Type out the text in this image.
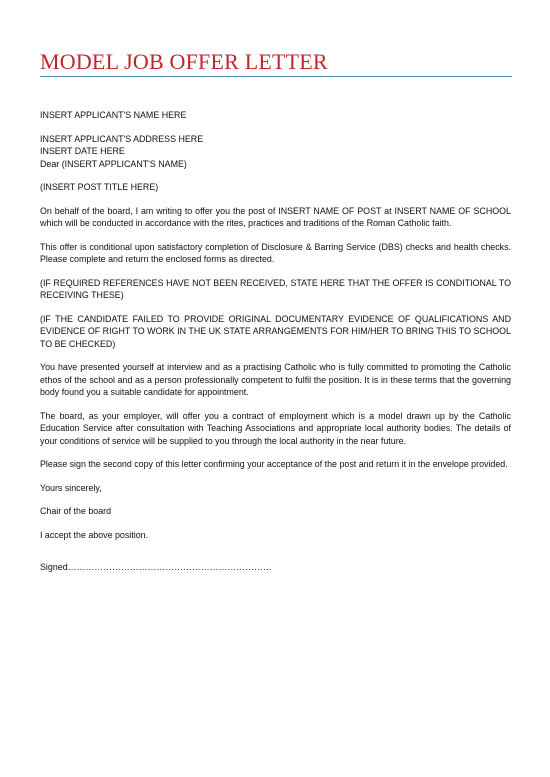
MODEL JOB OFFER LETTER

INSERT APPLICANT'S NAME HERE

INSERT APPLICANT'S ADDRESS HERE

INSERT DATE HERE

Dear (INSERT APPLICANT'S NAME)

(INSERT POST TITLE HERE)

On behalf of the board, I am writing to offer you the post of INSERT NAME OF POST at INSERT NAME OF SCHOOL which will be conducted in accordance with the rites, practices and traditions of the Roman Catholic faith.

This offer is conditional upon satisfactory completion of Disclosure & Barring Service (DBS) checks and health checks. Please complete and return the enclosed forms as directed.

(IF REQUIRED REFERENCES HAVE NOT BEEN RECEIVED, STATE HERE THAT THE OFFER IS CONDITIONAL TO RECEIVING THESE)

(IF THE CANDIDATE FAILED TO PROVIDE ORIGINAL DOCUMENTARY EVIDENCE OF QUALIFICATIONS AND EVIDENCE OF RIGHT TO WORK IN THE UK STATE ARRANGEMENTS FOR HIM/HER TO BRING THIS TO SCHOOL TO BE CHECKED)

You have presented yourself at interview and as a practising Catholic who is fully committed to promoting the Catholic ethos of the school and as a person professionally competent to fulfil the position. It is in these terms that the governing body found you a suitable candidate for appointment.

The board, as your employer, will offer you a contract of employment which is a model drawn up by the Catholic Education Service after consultation with Teaching Associations and appropriate local authority bodies. The details of your conditions of service will be supplied to you through the local authority in the near future.

Please sign the second copy of this letter confirming your acceptance of the post and return it in the envelope provided.

Yours sincerely,

Chair of the board

I accept the above position.

Signed……………………………………………………………
